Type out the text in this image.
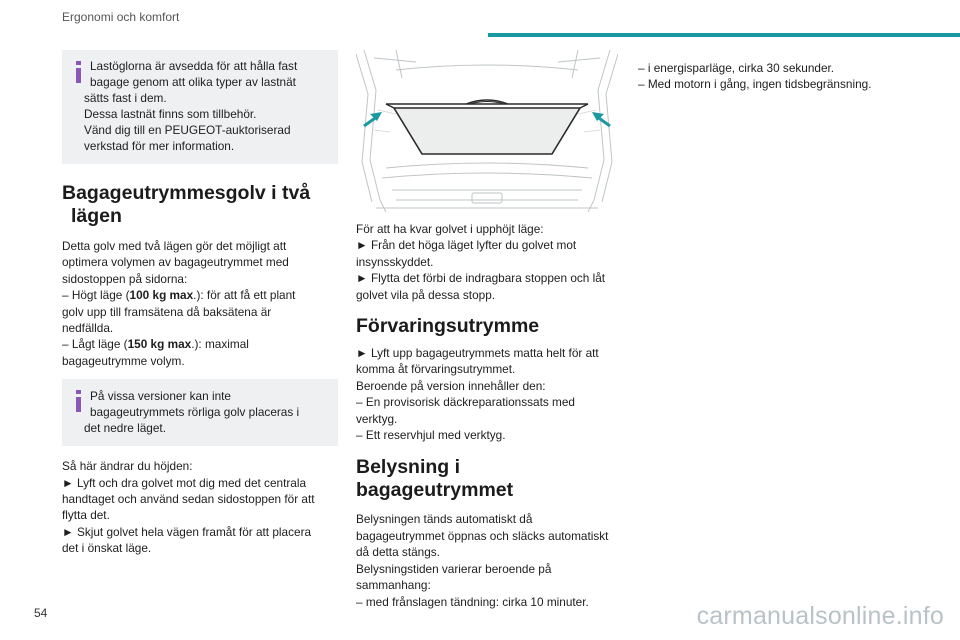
Ergonomi och komfort
Lastöglorna är avsedda för att hålla fast
bagage genom att olika typer av lastnät
sätts fast i dem.
Dessa lastnät finns som tillbehör.
Vänd dig till en PEUGEOT-auktoriserad
verkstad för mer information.
Bagageutrymmesgolv i två
lägen
Detta golv med två lägen gör det möjligt att
optimera volymen av bagageutrymmet med
sidostoppen på sidorna:
– Högt läge (100 kg max.): för att få ett plant
golv upp till framsätena då baksätena är
nedfällda.
– Lågt läge (150 kg max.): maximal
bagageutrymme volym.
På vissa versioner kan inte
bagageutrymmets rörliga golv placeras i
det nedre läget.
Så här ändrar du höjden:
► Lyft och dra golvet mot dig med det centrala
handtaget och använd sedan sidostoppen för att
flytta det.
► Skjut golvet hela vägen framåt för att placera
det i önskat läge.
För att ha kvar golvet i upphöjt läge:
► Från det höga läget lyfter du golvet mot
insynsskyddet.
► Flytta det förbi de indragbara stoppen och låt
golvet vila på dessa stopp.
Förvaringsutrymme
► Lyft upp bagageutrymmets matta helt för att
komma åt förvaringsutrymmet.
Beroende på version innehåller den:
– En provisorisk däckreparationssats med
verktyg.
– Ett reservhjul med verktyg.
Belysning i
bagageutrymmet
Belysningen tänds automatiskt då
bagageutrymmet öppnas och släcks automatiskt
då detta stängs.
Belysningstiden varierar beroende på
sammanhang:
– med frånslagen tändning: cirka 10 minuter.
– i energisparläge, cirka 30 sekunder.
– Med motorn i gång, ingen tidsbegränsning.
54	carmanualsonline.info
